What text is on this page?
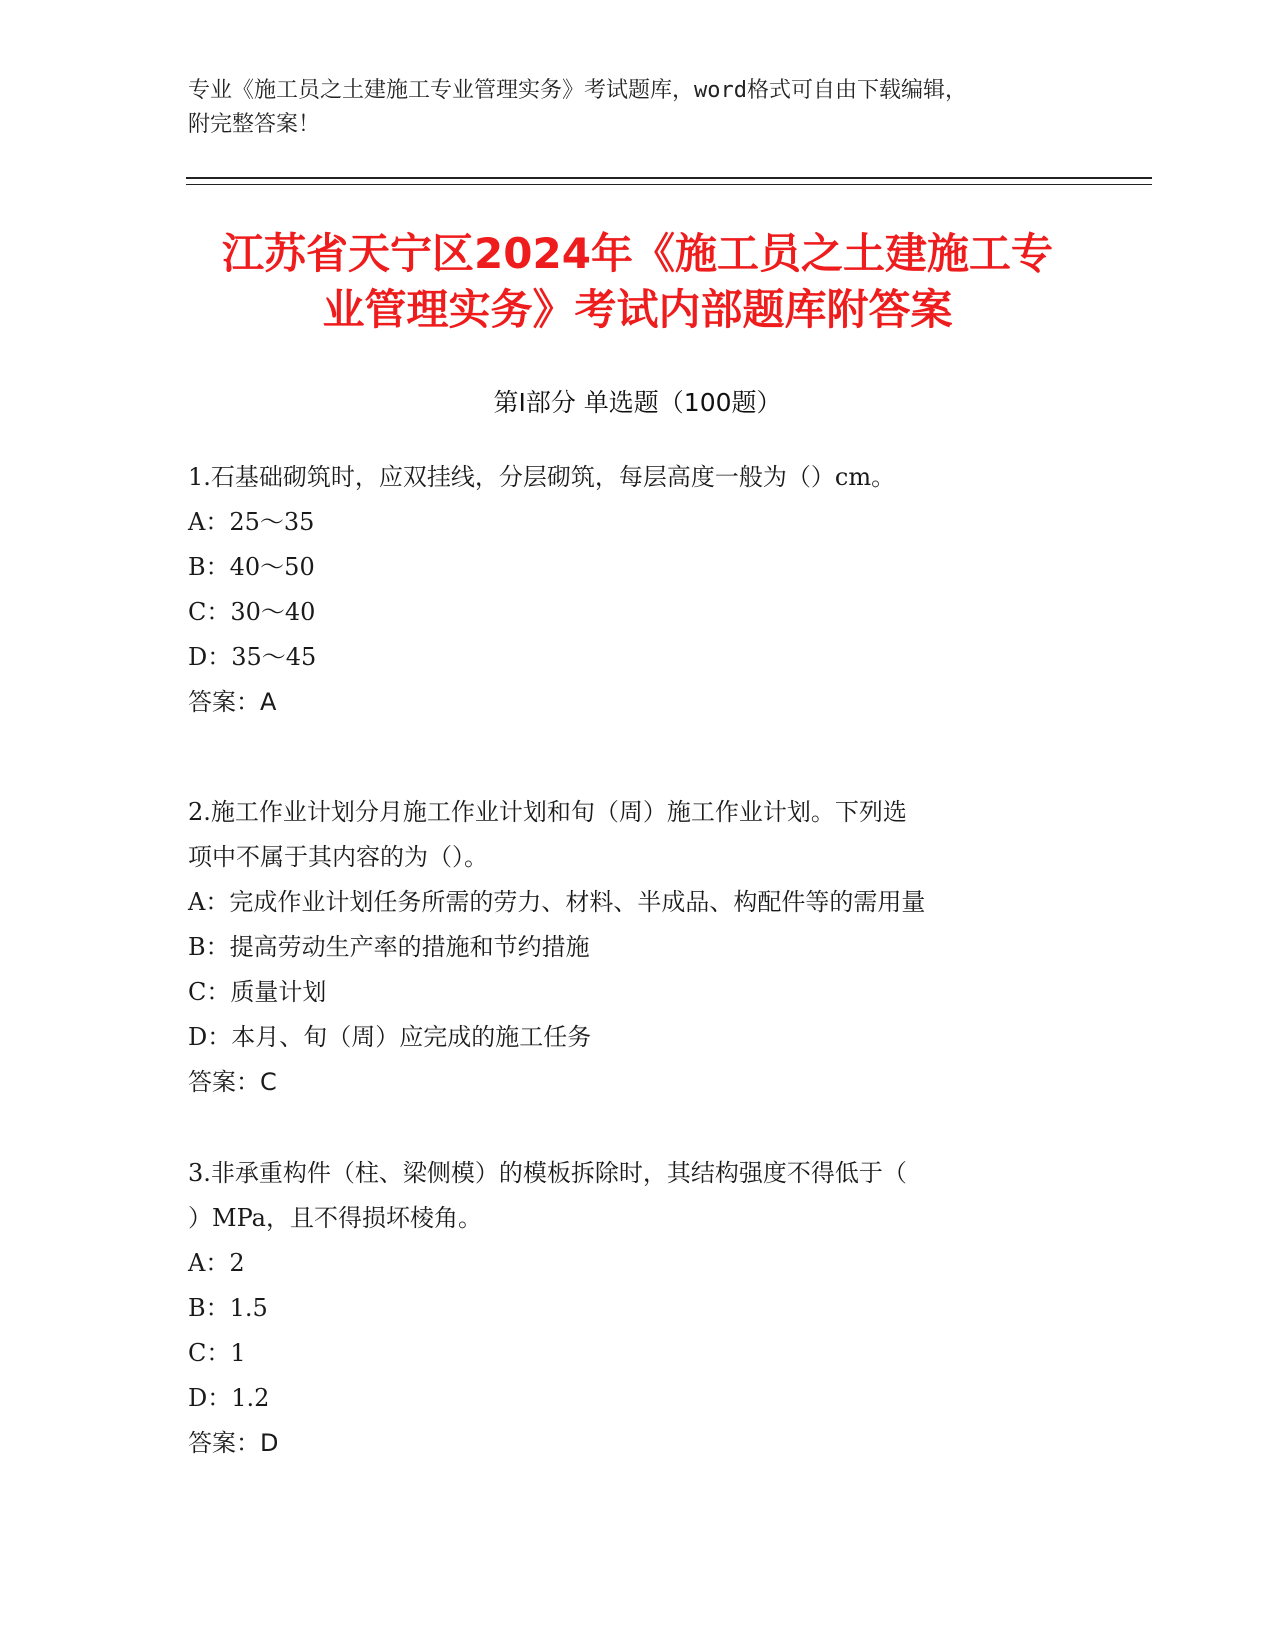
专业《施工员之土建施工专业管理实务》考试题库，word格式可自由下载编辑，
附完整答案！
江苏省天宁区2024年《施工员之土建施工专
业管理实务》考试内部题库附答案
第Ⅰ部分 单选题（100题）
1.石基础砌筑时，应双挂线，分层砌筑，每层高度一般为（）cm。
A：25～35
B：40～50
C：30～40
D：35～45
答案：A
2.施工作业计划分月施工作业计划和旬（周）施工作业计划。下列选
项中不属于其内容的为（）。
A：完成作业计划任务所需的劳力、材料、半成品、构配件等的需用量
B：提高劳动生产率的措施和节约措施
C：质量计划
D：本月、旬（周）应完成的施工任务
答案：C
3.非承重构件（柱、梁侧模）的模板拆除时，其结构强度不得低于（
）MPa，且不得损坏棱角。
A：2
B：1.5
C：1
D：1.2
答案：D
